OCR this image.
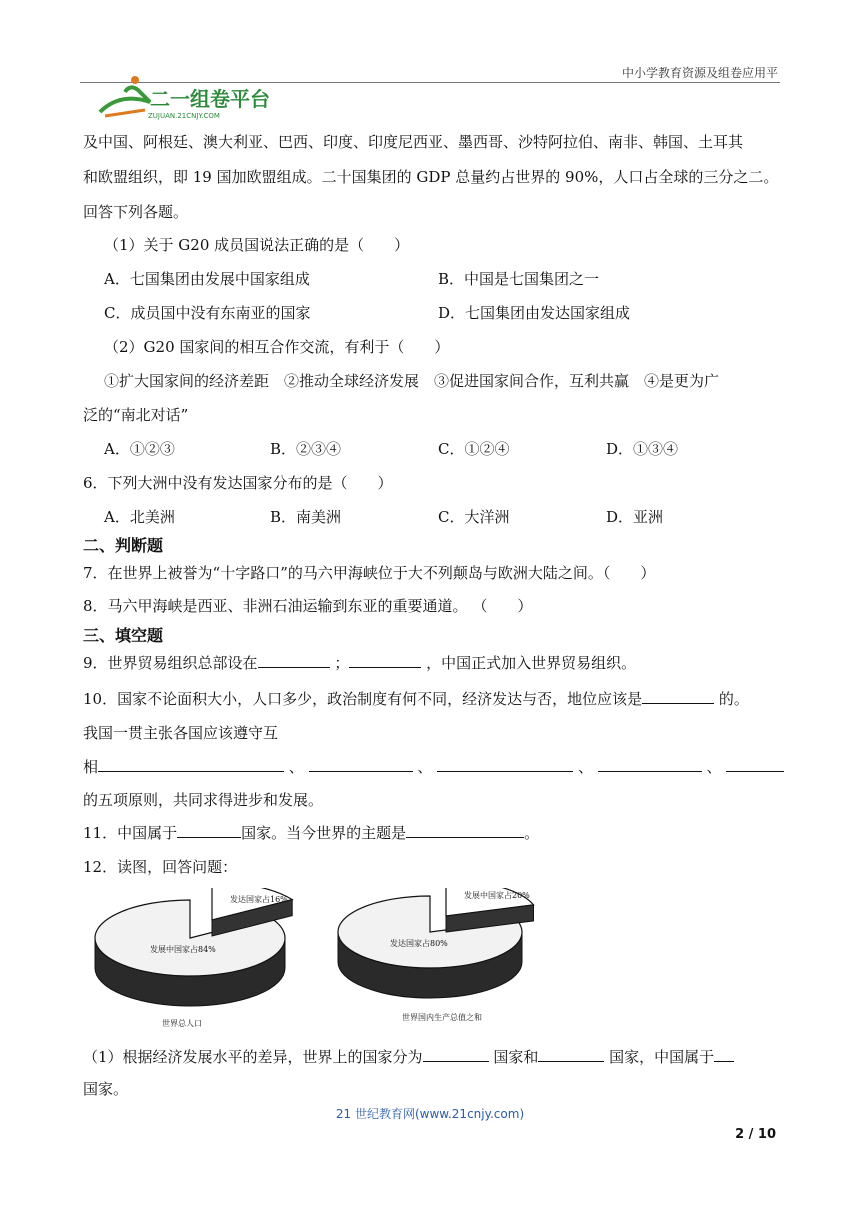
中小学教育资源及组卷应用平
二一组卷平台
ZUJUAN.21CNJY.COM
及中国、阿根廷、澳大利亚、巴西、印度、印度尼西亚、墨西哥、沙特阿拉伯、南非、韩国、土耳其
和欧盟组织，即 19 国加欧盟组成。二十国集团的 GDP 总量约占世界的 90%，人口占全球的三分之二。
回答下列各题。
（1）关于 G20 成员国说法正确的是（　　）
A．七国集团由发展中国家组成	B．中国是七国集团之一
C．成员国中没有东南亚的国家	D．七国集团由发达国家组成
（2）G20 国家间的相互合作交流，有利于（　　）
①扩大国家间的经济差距　②推动全球经济发展　③促进国家间合作，互利共赢　④是更为广
泛的“南北对话”
A．①②③	B．②③④	C．①②④	D．①③④
6．下列大洲中没有发达国家分布的是（　　）
A．北美洲	B．南美洲	C．大洋洲	D．亚洲
二、判断题
7．在世界上被誉为“十字路口”的马六甲海峡位于大不列颠岛与欧洲大陆之间。（　　）
8．马六甲海峡是西亚、非洲石油运输到东亚的重要通道。 （　　）
三、填空题
9．世界贸易组织总部设在	；	，中国正式加入世界贸易组织。
10．国家不论面积大小，人口多少，政治制度有何不同，经济发达与否，地位应该是	的。
我国一贯主张各国应该遵守互
相	、	、	、	、
的五项原则，共同求得进步和发展。
11．中国属于	国家。当今世界的主题是	。
12．读图，回答问题：
发达国家占16%
发展中国家占84%
世界总人口
发展中国家占20%
发达国家占80%
世界国内生产总值之和
（1）根据经济发展水平的差异，世界上的国家分为	国家和	国家，中国属于
国家。
21 世纪教育网(www.21cnjy.com)
2 / 10
